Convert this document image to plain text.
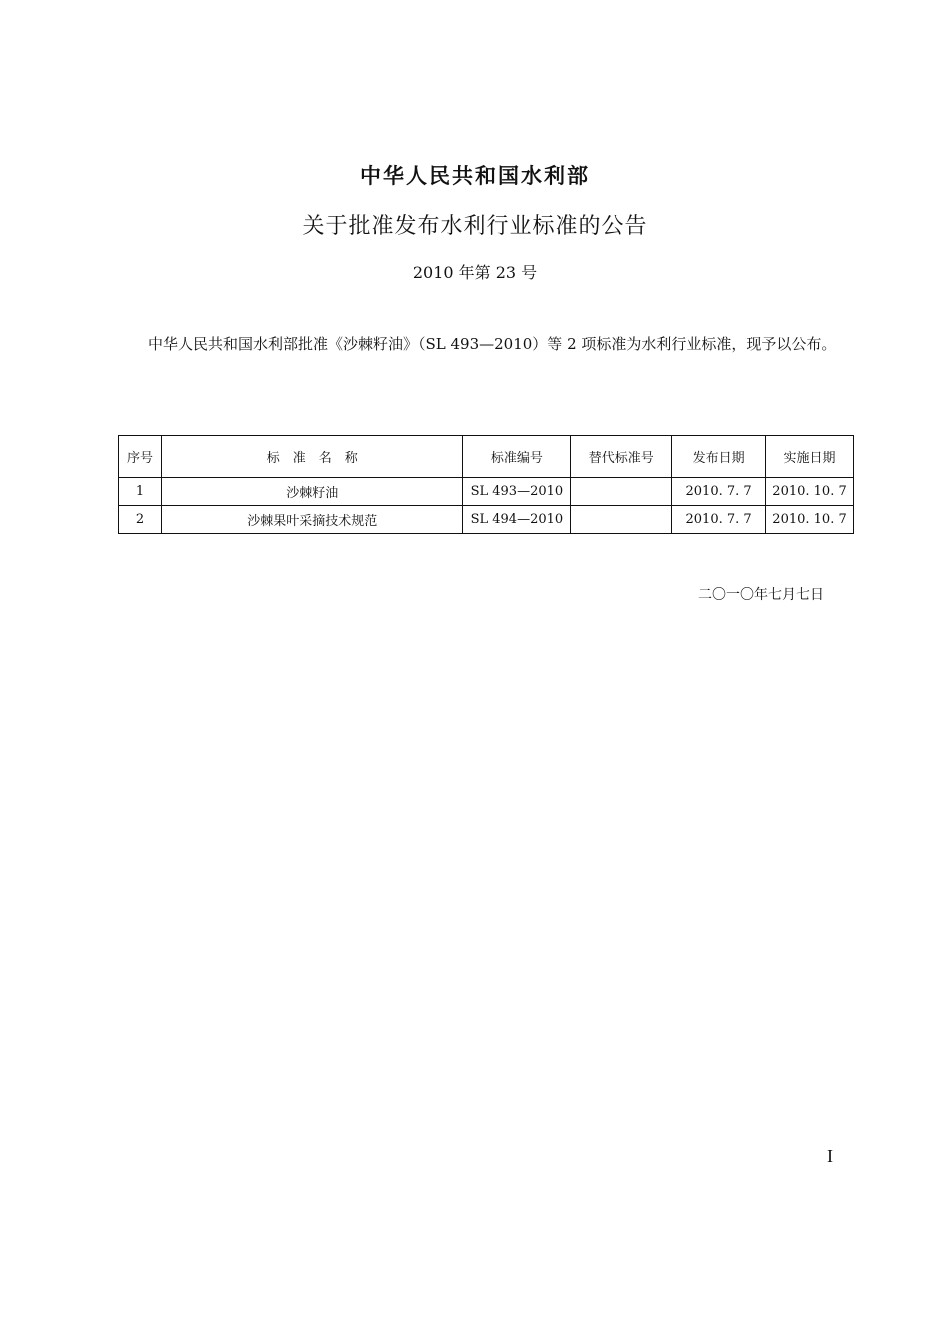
中华人民共和国水利部
关于批准发布水利行业标准的公告
2010 年第 23 号
中华人民共和国水利部批准《沙棘籽油》（SL 493—2010）等 2 项标准为水利行业标准，现予以公布。
序号	标　准　名　称	标准编号	替代标准号	发布日期	实施日期
1	沙棘籽油	SL 493—2010		2010. 7. 7	2010. 10. 7
2	沙棘果叶采摘技术规范	SL 494—2010		2010. 7. 7	2010. 10. 7
二〇一〇年七月七日
I
